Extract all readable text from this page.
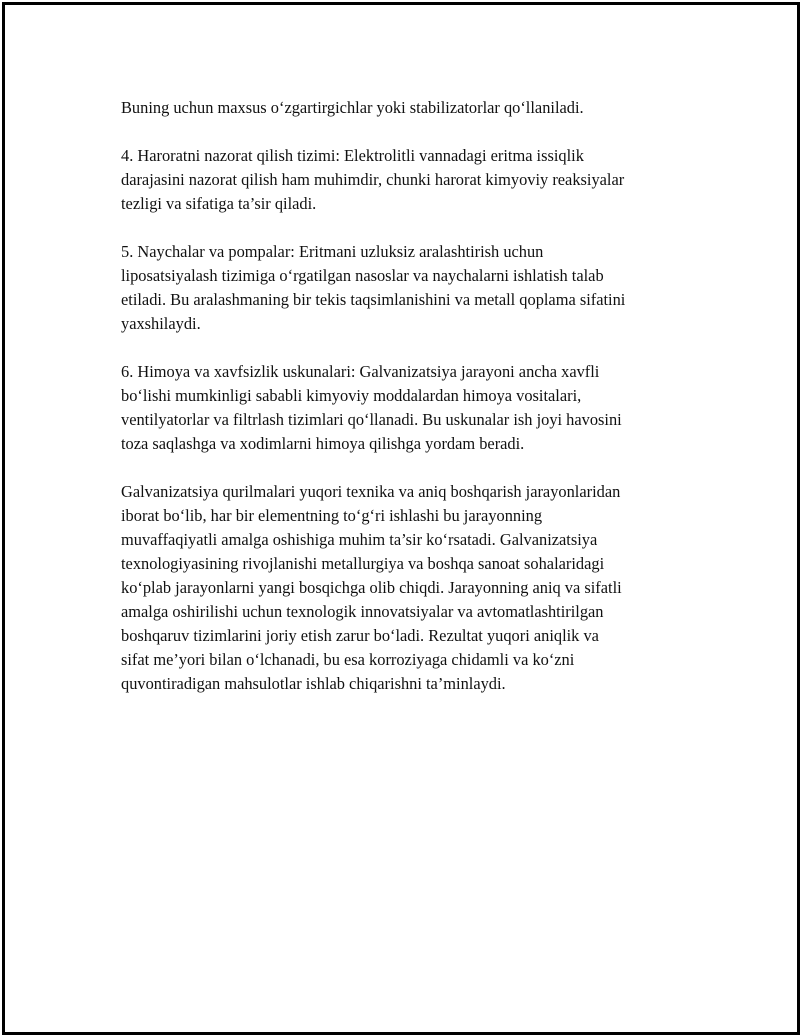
Buning uchun maxsus o‘zgartirgichlar yoki stabilizatorlar qo‘llaniladi.

4. Haroratni nazorat qilish tizimi: Elektrolitli vannadagi eritma issiqlik
darajasini nazorat qilish ham muhimdir, chunki harorat kimyoviy reaksiyalar
tezligi va sifatiga ta’sir qiladi.

5. Naychalar va pompalar: Eritmani uzluksiz aralashtirish uchun
liposatsiyalash tizimiga o‘rgatilgan nasoslar va naychalarni ishlatish talab
etiladi. Bu aralashmaning bir tekis taqsimlanishini va metall qoplama sifatini
yaxshilaydi.

6. Himoya va xavfsizlik uskunalari: Galvanizatsiya jarayoni ancha xavfli
bo‘lishi mumkinligi sababli kimyoviy moddalardan himoya vositalari,
ventilyatorlar va filtrlash tizimlari qo‘llanadi. Bu uskunalar ish joyi havosini
toza saqlashga va xodimlarni himoya qilishga yordam beradi.

Galvanizatsiya qurilmalari yuqori texnika va aniq boshqarish jarayonlaridan
iborat bo‘lib, har bir elementning to‘g‘ri ishlashi bu jarayonning
muvaffaqiyatli amalga oshishiga muhim ta’sir ko‘rsatadi. Galvanizatsiya
texnologiyasining rivojlanishi metallurgiya va boshqa sanoat sohalaridagi
ko‘plab jarayonlarni yangi bosqichga olib chiqdi. Jarayonning aniq va sifatli
amalga oshirilishi uchun texnologik innovatsiyalar va avtomatlashtirilgan
boshqaruv tizimlarini joriy etish zarur bo‘ladi. Rezultat yuqori aniqlik va
sifat me’yori bilan o‘lchanadi, bu esa korroziyaga chidamli va ko‘zni
quvontiradigan mahsulotlar ishlab chiqarishni ta’minlaydi.
